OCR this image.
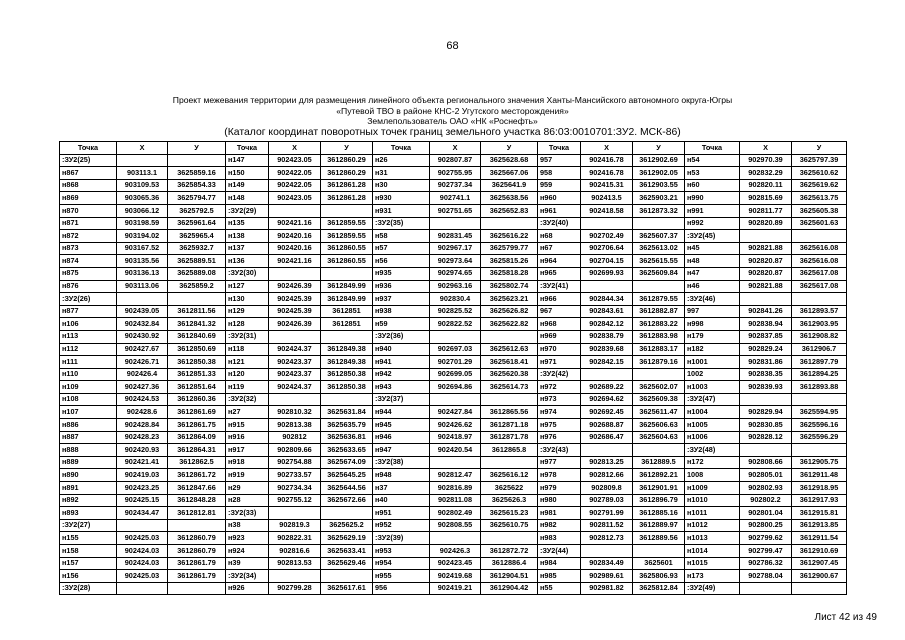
68
Проект межевания территории для размещения линейного объекта регионального значения Ханты-Мансийского автономного округа-Югры
«Путевой ТВО в районе КНС-2 Угутского месторождения»
Землепользователь ОАО «НК «Роснефть»
(Каталог координат поворотных точек границ земельного участка 86:03:0010701:ЗУ2. МСК-86)
Точка	X	У	Точка	X	У	Точка	X	У	Точка	X	У	Точка	X	У
:ЗУ2(25)			н147	902423.05	3612860.29	н26	902807.87	3625628.68	957	902416.78	3612902.69	н54	902970.39	3625797.39
н867	903113.1	3625859.16	н150	902422.05	3612860.29	н31	902755.95	3625667.06	958	902416.78	3612902.05	н53	902832.29	3625610.62
н868	903109.53	3625854.33	н149	902422.05	3612861.28	н30	902737.34	3625641.9	959	902415.31	3612903.55	н60	902820.11	3625619.62
н869	903065.36	3625794.77	н148	902423.05	3612861.28	н930	902741.1	3625638.56	н960	902413.5	3625903.21	н990	902815.69	3625613.75
н870	903066.12	3625792.5	:ЗУ2(29)			н931	902751.65	3625652.83	н961	902418.58	3612873.32	н991	902811.77	3625605.38
н871	903198.59	3625961.64	н135	902421.16	3612859.55	:ЗУ2(35)			:ЗУ2(40)			н992	902820.89	3625601.63
н872	903194.02	3625965.4	н138	902420.16	3612859.55	н58	902831.45	3625616.22	н68	902702.49	3625607.37	:ЗУ2(45)		
н873	903167.52	3625932.7	н137	902420.16	3612860.55	н57	902967.17	3625799.77	н67	902706.64	3625613.02	н45	902821.88	3625616.08
н874	903135.56	3625889.51	н136	902421.16	3612860.55	н56	902973.64	3625815.26	н964	902704.15	3625615.55	н48	902820.87	3625616.08
н875	903136.13	3625889.08	:ЗУ2(30)			н935	902974.65	3625818.28	н965	902699.93	3625609.84	н47	902820.87	3625617.08
н876	903113.06	3625859.2	н127	902426.39	3612849.99	н936	902963.16	3625802.74	:ЗУ2(41)			н46	902821.88	3625617.08
:ЗУ2(26)			н130	902425.39	3612849.99	н937	902830.4	3625623.21	н966	902844.34	3612879.55	:ЗУ2(46)		
н877	902439.05	3612811.56	н129	902425.39	3612851	н938	902825.52	3625626.82	967	902843.61	3612882.87	997	902841.26	3612893.57
н106	902432.84	3612841.32	н128	902426.39	3612851	н59	902822.52	3625622.82	н968	902842.12	3612883.22	н998	902838.94	3612903.95
н113	902430.92	3612840.69	:ЗУ2(31)			:ЗУ2(36)			н969	902838.79	3612883.98	н179	902837.85	3612908.82
н112	902427.67	3612850.69	н118	902424.37	3612849.38	н940	902697.03	3625612.63	н970	902839.68	3612883.17	н182	902829.24	3612906.7
н111	902426.71	3612850.38	н121	902423.37	3612849.38	н941	902701.29	3625618.41	н971	902842.15	3612879.16	н1001	902831.86	3612897.79
н110	902426.4	3612851.33	н120	902423.37	3612850.38	н942	902699.05	3625620.38	:ЗУ2(42)			1002	902838.35	3612894.25
н109	902427.36	3612851.64	н119	902424.37	3612850.38	н943	902694.86	3625614.73	н972	902689.22	3625602.07	н1003	902839.93	3612893.88
н108	902424.53	3612860.36	:ЗУ2(32)			:ЗУ2(37)			н973	902694.62	3625609.38	:ЗУ2(47)		
н107	902428.6	3612861.69	н27	902810.32	3625631.84	н944	902427.84	3612865.56	н974	902692.45	3625611.47	н1004	902829.94	3625594.95
н886	902428.84	3612861.75	н915	902813.38	3625635.79	н945	902426.62	3612871.18	н975	902688.87	3625606.63	н1005	902830.85	3625596.16
н887	902428.23	3612864.09	н916	902812	3625636.81	н946	902418.97	3612871.78	н976	902686.47	3625604.63	н1006	902828.12	3625596.29
н888	902420.93	3612864.31	н917	902809.66	3625633.65	н947	902420.54	3612865.8	:ЗУ2(43)			:ЗУ2(48)		
н889	902421.41	3612862.5	н918	902754.88	3625674.09	:ЗУ2(38)			н977	902813.25	3612889.5	н172	902808.66	3612905.75
н890	902419.03	3612861.72	н919	902733.57	3625645.25	н948	902812.47	3625616.12	н978	902812.66	3612892.21	1008	902805.01	3612911.48
н891	902423.25	3612847.66	н29	902734.34	3625644.56	н37	902816.89	3625622	н979	902809.8	3612901.91	н1009	902802.93	3612918.95
н892	902425.15	3612848.28	н28	902755.12	3625672.66	н40	902811.08	3625626.3	н980	902789.03	3612896.79	н1010	902802.2	3612917.93
н893	902434.47	3612812.81	:ЗУ2(33)			н951	902802.49	3625615.23	н981	902791.99	3612885.16	н1011	902801.04	3612915.81
:ЗУ2(27)			н38	902819.3	3625625.2	н952	902808.55	3625610.75	н982	902811.52	3612889.97	н1012	902800.25	3612913.85
н155	902425.03	3612860.79	н923	902822.31	3625629.19	:ЗУ2(39)			н983	902812.73	3612889.56	н1013	902799.62	3612911.54
н158	902424.03	3612860.79	н924	902816.6	3625633.41	н953	902426.3	3612872.72	:ЗУ2(44)			н1014	902799.47	3612910.69
н157	902424.03	3612861.79	н39	902813.53	3625629.46	н954	902423.45	3612886.4	н984	902834.49	3625601	н1015	902786.32	3612907.45
н156	902425.03	3612861.79	:ЗУ2(34)			н955	902419.68	3612904.51	н985	902989.61	3625806.93	н173	902788.04	3612900.67
:ЗУ2(28)			н926	902799.28	3625617.61	956	902419.21	3612904.42	н55	902981.82	3625812.84	:ЗУ2(49)		
Лист 42 из 49
